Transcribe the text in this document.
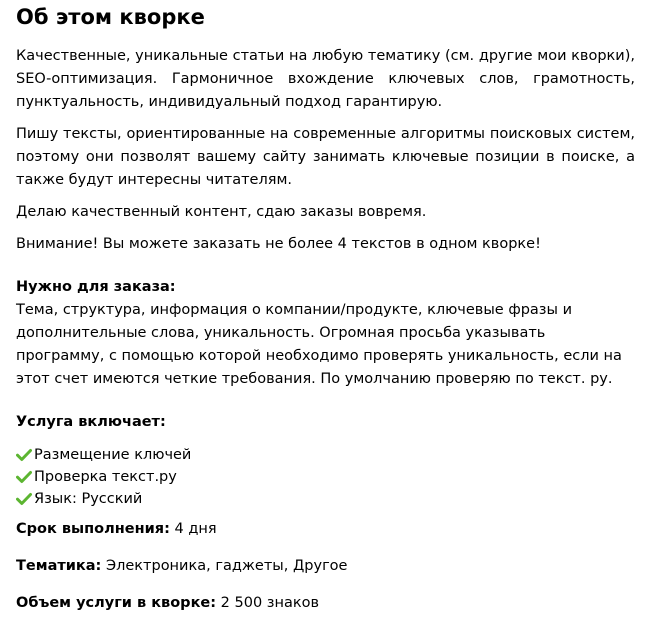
Об этом кворке

Качественные, уникальные статьи на любую тематику (см. другие мои кворки), SEO-оптимизация. Гармоничное вхождение ключевых слов, грамотность, пунктуальность, индивидуальный подход гарантирую.

Пишу тексты, ориентированные на современные алгоритмы поисковых систем, поэтому они позволят вашему сайту занимать ключевые позиции в поиске, а также будут интересны читателям.

Делаю качественный контент, сдаю заказы вовремя.

Внимание! Вы можете заказать не более 4 текстов в одном кворке!

Нужно для заказа:

Тема, структура, информация о компании/продукте, ключевые фразы и дополнительные слова, уникальность. Огромная просьба указывать программу, с помощью которой необходимо проверять уникальность, если на этот счет имеются четкие требования. По умолчанию проверяю по текст. ру.

Услуга включает:
Размещение ключей
Проверка текст.ру
Язык: Русский

Срок выполнения: 4 дня

Тематика: Электроника, гаджеты, Другое

Объем услуги в кворке: 2 500 знаков
